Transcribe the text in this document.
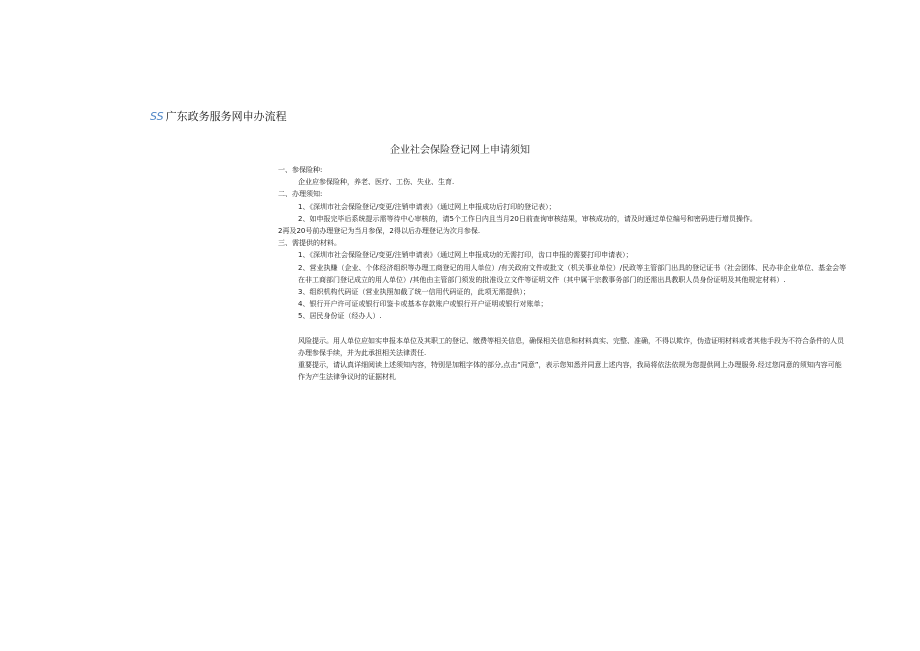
SS 广东政务服务网申办流程
企业社会保险登记网上申请须知

一、参保险种:

企业应参保险种，养老、医疗、工伤、失业、生育.

二、办理须知:

1、《深圳市社会保险登记/变更/注销申请表》（通过网上申报成功后打印的登记表）；

2、如申报完毕后系统提示需等待中心审核的，请5个工作日内且当月20日前查询审核结果，审核成功的，请及时通过单位编号和密码进行增员操作。

2再及20号前办理登记为当月参保，2得以后办理登记为次月参保.

三、需提供的材料。

1、《深圳市社会保险登记/变更/注销申请表》（通过网上申报成功的无需打印，齿口申报的需要打印申请表）；

2、营业执赚（企业、个体经济组织等办理工商登记的用人单位）/有关政府文件或批文（机关事业单位）/民政等主管部门出具的登记证书（社会团体、民办非企业单位、基金会等在非工商部门登记成立的用人单位）/其他由主管部门须发的批准设立文件等证明文件（其中属干宗教事务部门的还需出具教职人员身份证明及其他规定材料）.

3、组织机构代码证（营业执照加截了统一信用代码证的，此项无需提供）；

4、银行开户许可证或银行印鉴卡或基本存款账户或银行开户证明或银行对账单；

5、居民身份证（经办人）.

风险提示。用人单位应如实申报本单位及其职工的登记、缴费等相关信息，确保相关信息和材料真实、完整、准确，不得以欺诈，伪造证明材料或者其他手段为不符合条件的人员办理参保手续，并为此承担相关法律责任.

重要提示，请认真详细阅读上述须知内容，特别是加粗字体的部分,点击“同意”，表示您知悉并同意上述内容，我局将依法依规为您提供网上办理服务.经过您同意的须知内容可能作为产生法律争议时的证据材札
